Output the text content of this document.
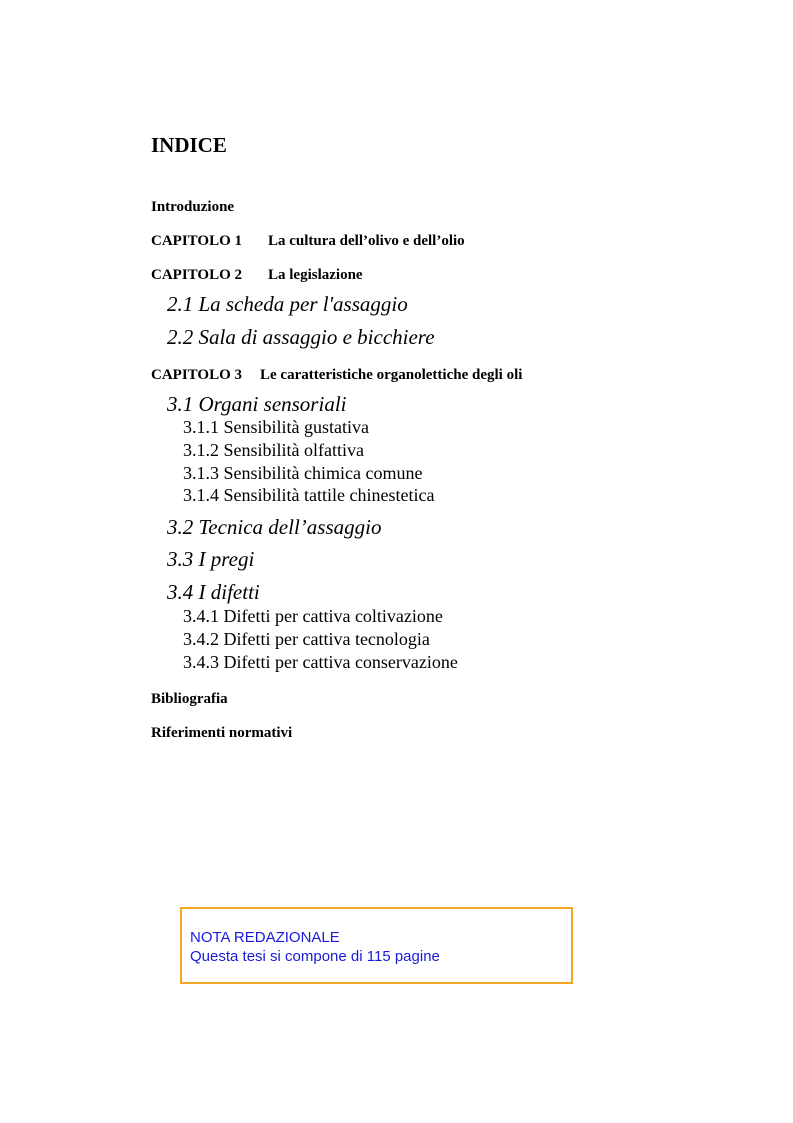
INDICE
Introduzione
CAPITOLO 1 La cultura dell’olivo e dell’olio
CAPITOLO 2 La legislazione
2.1 La scheda per l'assaggio
2.2 Sala di assaggio e bicchiere
CAPITOLO 3 Le caratteristiche organolettiche degli oli
3.1 Organi sensoriali
3.1.1 Sensibilità gustativa
3.1.2 Sensibilità olfattiva
3.1.3 Sensibilità chimica comune
3.1.4 Sensibilità tattile chinestetica
3.2 Tecnica dell’assaggio
3.3 I pregi
3.4 I difetti
3.4.1 Difetti per cattiva coltivazione
3.4.2 Difetti per cattiva tecnologia
3.4.3 Difetti per cattiva conservazione
Bibliografia
Riferimenti normativi
NOTA REDAZIONALE
Questa tesi si compone di 115 pagine
